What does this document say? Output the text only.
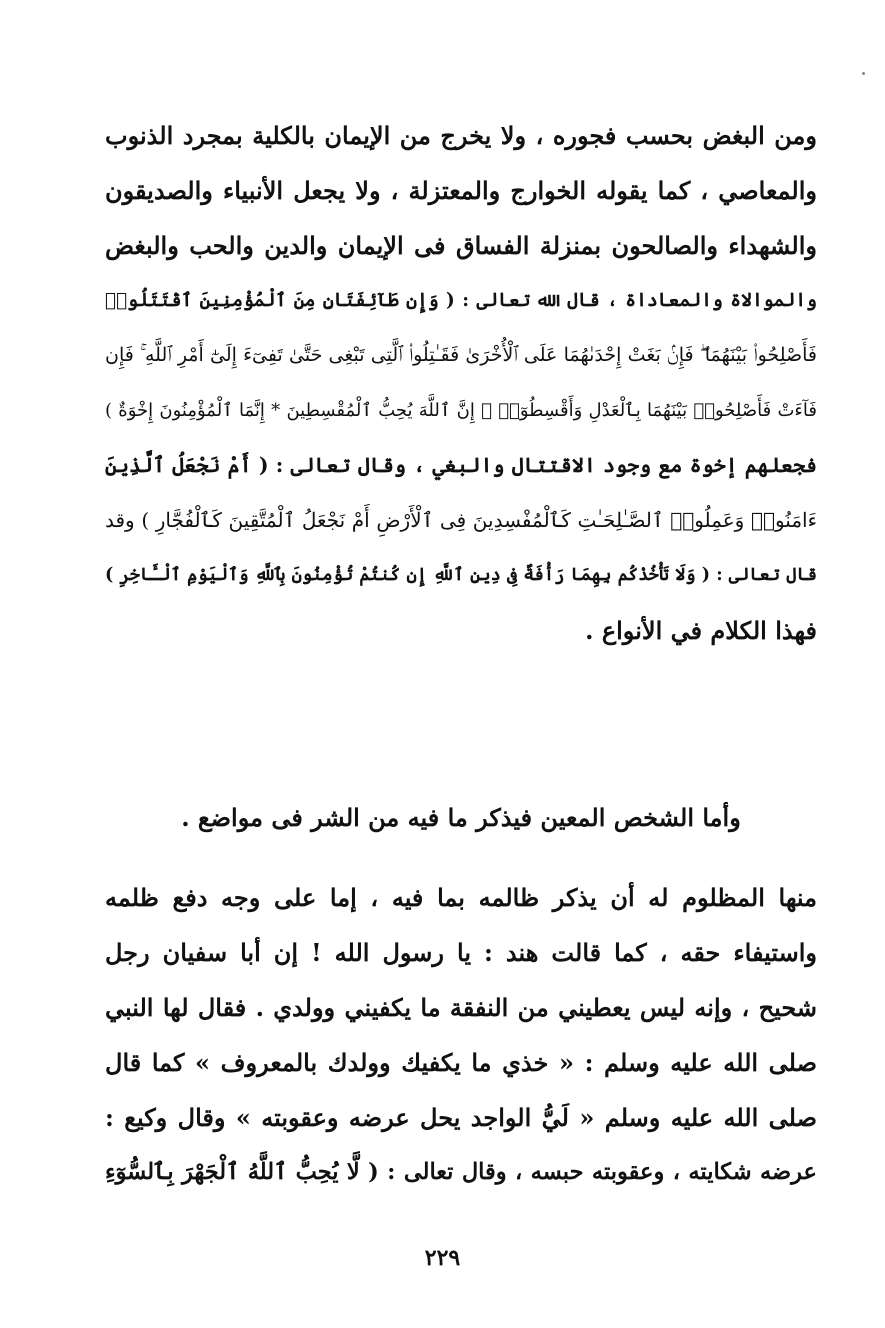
ومن البغض بحسب فجوره ، ولا يخرج من الإيمان بالكلية بمجرد الذنوب
والمعاصي ، كما يقوله الخوارج والمعتزلة ، ولا يجعل الأنبياء والصديقون
والشهداء والصالحون بمنزلة الفساق فى الإيمان والدين والحب والبغض
والموالاة والمعاداة ، قال الله تعالى : ( وَإِن طَآئِفَتَانِ مِنَ ٱلْمُؤْمِنِينَ ٱقْتَتَلُوا۟
فَأَصْلِحُوا۟ بَيْنَهُمَا ۖ فَإِنۢ بَغَتْ إِحْدَىٰهُمَا عَلَى ٱلْأُخْرَىٰ فَقَـٰتِلُوا۟ ٱلَّتِى تَبْغِى حَتَّىٰ تَفِىٓءَ إِلَىٰٓ أَمْرِ ٱللَّهِ ۚ فَإِن
فَآءَتْ فَأَصْلِحُوا۟ بَيْنَهُمَا بِٱلْعَدْلِ وَأَقْسِطُوٓا۟ ۖ إِنَّ ٱللَّهَ يُحِبُّ ٱلْمُقْسِطِينَ * إِنَّمَا ٱلْمُؤْمِنُونَ إِخْوَةٌ )
فجعلهم إخوة مع وجود الاقتتال والبغي ، وقال تعالى : ( أَمْ نَجْعَلُ ٱلَّذِينَ
ءَامَنُوا۟ وَعَمِلُوا۟ ٱلصَّـٰلِحَـٰتِ كَٱلْمُفْسِدِينَ فِى ٱلْأَرْضِ أَمْ نَجْعَلُ ٱلْمُتَّقِينَ كَٱلْفُجَّارِ ) وقد
قال تعالى : ( وَلَا تَأْخُذْكُم بِهِمَا رَأْفَةٌ فِى دِينِ ٱللَّهِ إِن كُنتُمْ تُؤْمِنُونَ بِٱللَّهِ وَٱلْيَوْمِ ٱلْـَٔاخِرِ )
فهذا الكلام في الأنواع .
وأما الشخص المعين فيذكر ما فيه من الشر فى مواضع .
منها المظلوم له أن يذكر ظالمه بما فيه ، إما على وجه دفع ظلمه
واستيفاء حقه ، كما قالت هند : يا رسول الله ! إن أبا سفيان رجل
شحيح ، وإنه ليس يعطيني من النفقة ما يكفيني وولدي . فقال لها النبي
صلى الله عليه وسلم : « خذي ما يكفيك وولدك بالمعروف » كما قال
صلى الله عليه وسلم « لَيُّ الواجد يحل عرضه وعقوبته » وقال وكيع :
عرضه شكايته ، وعقوبته حبسه ، وقال تعالى : ( لَّا يُحِبُّ ٱللَّهُ ٱلْجَهْرَ بِٱلسُّوٓءِ
٢٢٩
